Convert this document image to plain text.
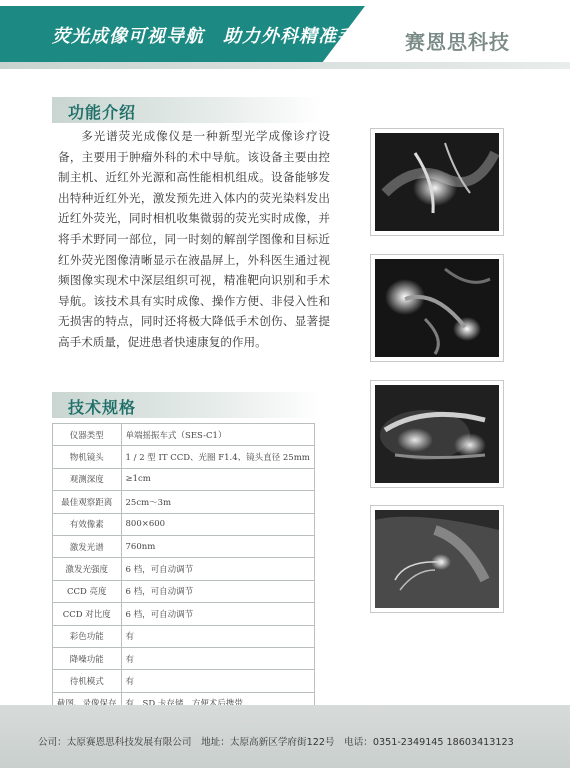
荧光成像可视导航　助力外科精准手术 赛恩思科技
功能介绍

多光谱荧光成像仪是一种新型光学成像诊疗设备，主要用于肿瘤外科的术中导航。该设备主要由控制主机、近红外光源和高性能相机组成。设备能够发出特种近红外光，激发预先进入体内的荧光染料发出近红外荧光，同时相机收集微弱的荧光实时成像，并将手术野同一部位，同一时刻的解剖学图像和目标近红外荧光图像清晰显示在液晶屏上，外科医生通过视频图像实现术中深层组织可视，精准靶向识别和手术导航。该技术具有实时成像、操作方便、非侵入性和无损害的特点，同时还将极大降低手术创伤、显著提高手术质量，促进患者快速康复的作用。

技术规格
仪器类型	单端摇振车式（SES-C1）
物机镜头	1 / 2 型 IT CCD、光圈 F1.4、镜头直径 25mm
观测深度	≥1cm
最佳观察距离	25cm～3m
有效像素	800×600
激发光谱	760nm
激发光强度	6 档，可自动调节
CCD 亮度	6 档，可自动调节
CCD 对比度	6 档，可自动调节
彩色功能	有
降噪功能	有
待机模式	有

公司：太原赛恩思科技发展有限公司　地址：太原高新区学府街122号　电话：0351-2349145 18603413123
